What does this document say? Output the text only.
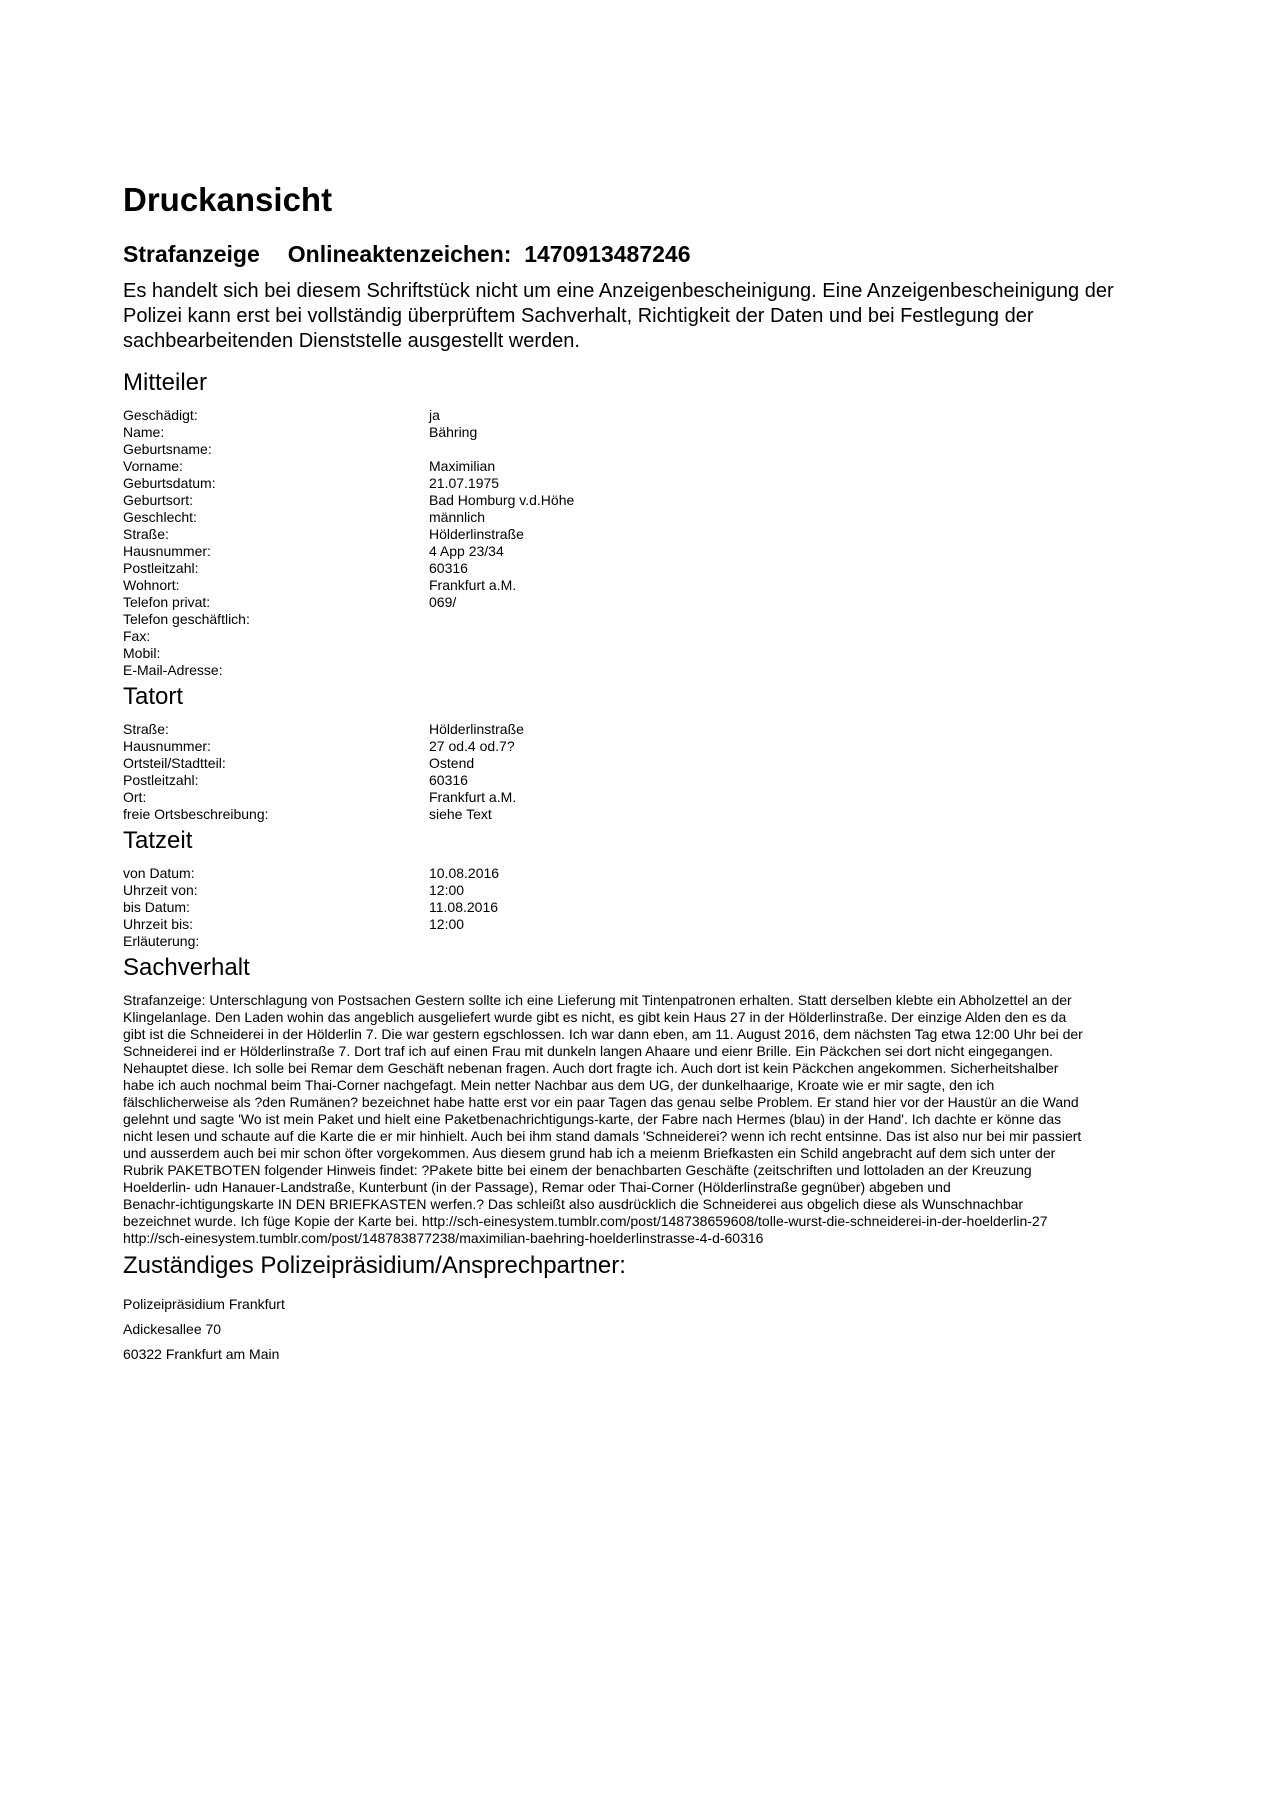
Druckansicht
Strafanzeige Onlineaktenzeichen: 1470913487246
Es handelt sich bei diesem Schriftstück nicht um eine Anzeigenbescheinigung. Eine Anzeigenbescheinigung der Polizei kann erst bei vollständig überprüftem Sachverhalt, Richtigkeit der Daten und bei Festlegung der sachbearbeitenden Dienststelle ausgestellt werden.
Mitteiler
Geschädigt:	ja
Name:	Bähring
Geburtsname:
Vorname:	Maximilian
Geburtsdatum:	21.07.1975
Geburtsort:	Bad Homburg v.d.Höhe
Geschlecht:	männlich
Straße:	Hölderlinstraße
Hausnummer:	4 App 23/34
Postleitzahl:	60316
Wohnort:	Frankfurt a.M.
Telefon privat:	069/
Telefon geschäftlich:
Fax:
Mobil:
E-Mail-Adresse:
Tatort
Straße:	Hölderlinstraße
Hausnummer:	27 od.4 od.7?
Ortsteil/Stadtteil:	Ostend
Postleitzahl:	60316
Ort:	Frankfurt a.M.
freie Ortsbeschreibung:	siehe Text
Tatzeit
von Datum:	10.08.2016
Uhrzeit von:	12:00
bis Datum:	11.08.2016
Uhrzeit bis:	12:00
Erläuterung:
Sachverhalt
Strafanzeige: Unterschlagung von Postsachen Gestern sollte ich eine Lieferung mit Tintenpatronen erhalten. Statt derselben klebte ein Abholzettel an der
Klingelanlage. Den Laden wohin das angeblich ausgeliefert wurde gibt es nicht, es gibt kein Haus 27 in der Hölderlinstraße. Der einzige Alden den es da
gibt ist die Schneiderei in der Hölderlin 7. Die war gestern egschlossen. Ich war dann eben, am 11. August 2016, dem nächsten Tag etwa 12:00 Uhr bei der
Schneiderei ind er Hölderlinstraße 7. Dort traf ich auf einen Frau mit dunkeln langen Ahaare und eienr Brille. Ein Päckchen sei dort nicht eingegangen.
Nehauptet diese. Ich solle bei Remar dem Geschäft nebenan fragen. Auch dort fragte ich. Auch dort ist kein Päckchen angekommen. Sicherheitshalber
habe ich auch nochmal beim Thai-Corner nachgefagt. Mein netter Nachbar aus dem UG, der dunkelhaarige, Kroate wie er mir sagte, den ich
fälschlicherweise als ?den Rumänen? bezeichnet habe hatte erst vor ein paar Tagen das genau selbe Problem. Er stand hier vor der Haustür an die Wand
gelehnt und sagte 'Wo ist mein Paket und hielt eine Paketbenachrichtigungs-karte, der Fabre nach Hermes (blau) in der Hand'. Ich dachte er könne das
nicht lesen und schaute auf die Karte die er mir hinhielt. Auch bei ihm stand damals 'Schneiderei? wenn ich recht entsinne. Das ist also nur bei mir passiert
und ausserdem auch bei mir schon öfter vorgekommen. Aus diesem grund hab ich a meienm Briefkasten ein Schild angebracht auf dem sich unter der
Rubrik PAKETBOTEN folgender Hinweis findet: ?Pakete bitte bei einem der benachbarten Geschäfte (zeitschriften und lottoladen an der Kreuzung
Hoelderlin- udn Hanauer-Landstraße, Kunterbunt (in der Passage), Remar oder Thai-Corner (Hölderlinstraße gegnüber) abgeben und
Benachr-ichtigungskarte IN DEN BRIEFKASTEN werfen.? Das schleißt also ausdrücklich die Schneiderei aus obgelich diese als Wunschnachbar
bezeichnet wurde. Ich füge Kopie der Karte bei. http://sch-einesystem.tumblr.com/post/148738659608/tolle-wurst-die-schneiderei-in-der-hoelderlin-27
http://sch-einesystem.tumblr.com/post/148783877238/maximilian-baehring-hoelderlinstrasse-4-d-60316
Zuständiges Polizeipräsidium/Ansprechpartner:
Polizeipräsidium Frankfurt
Adickesallee 70
60322 Frankfurt am Main
